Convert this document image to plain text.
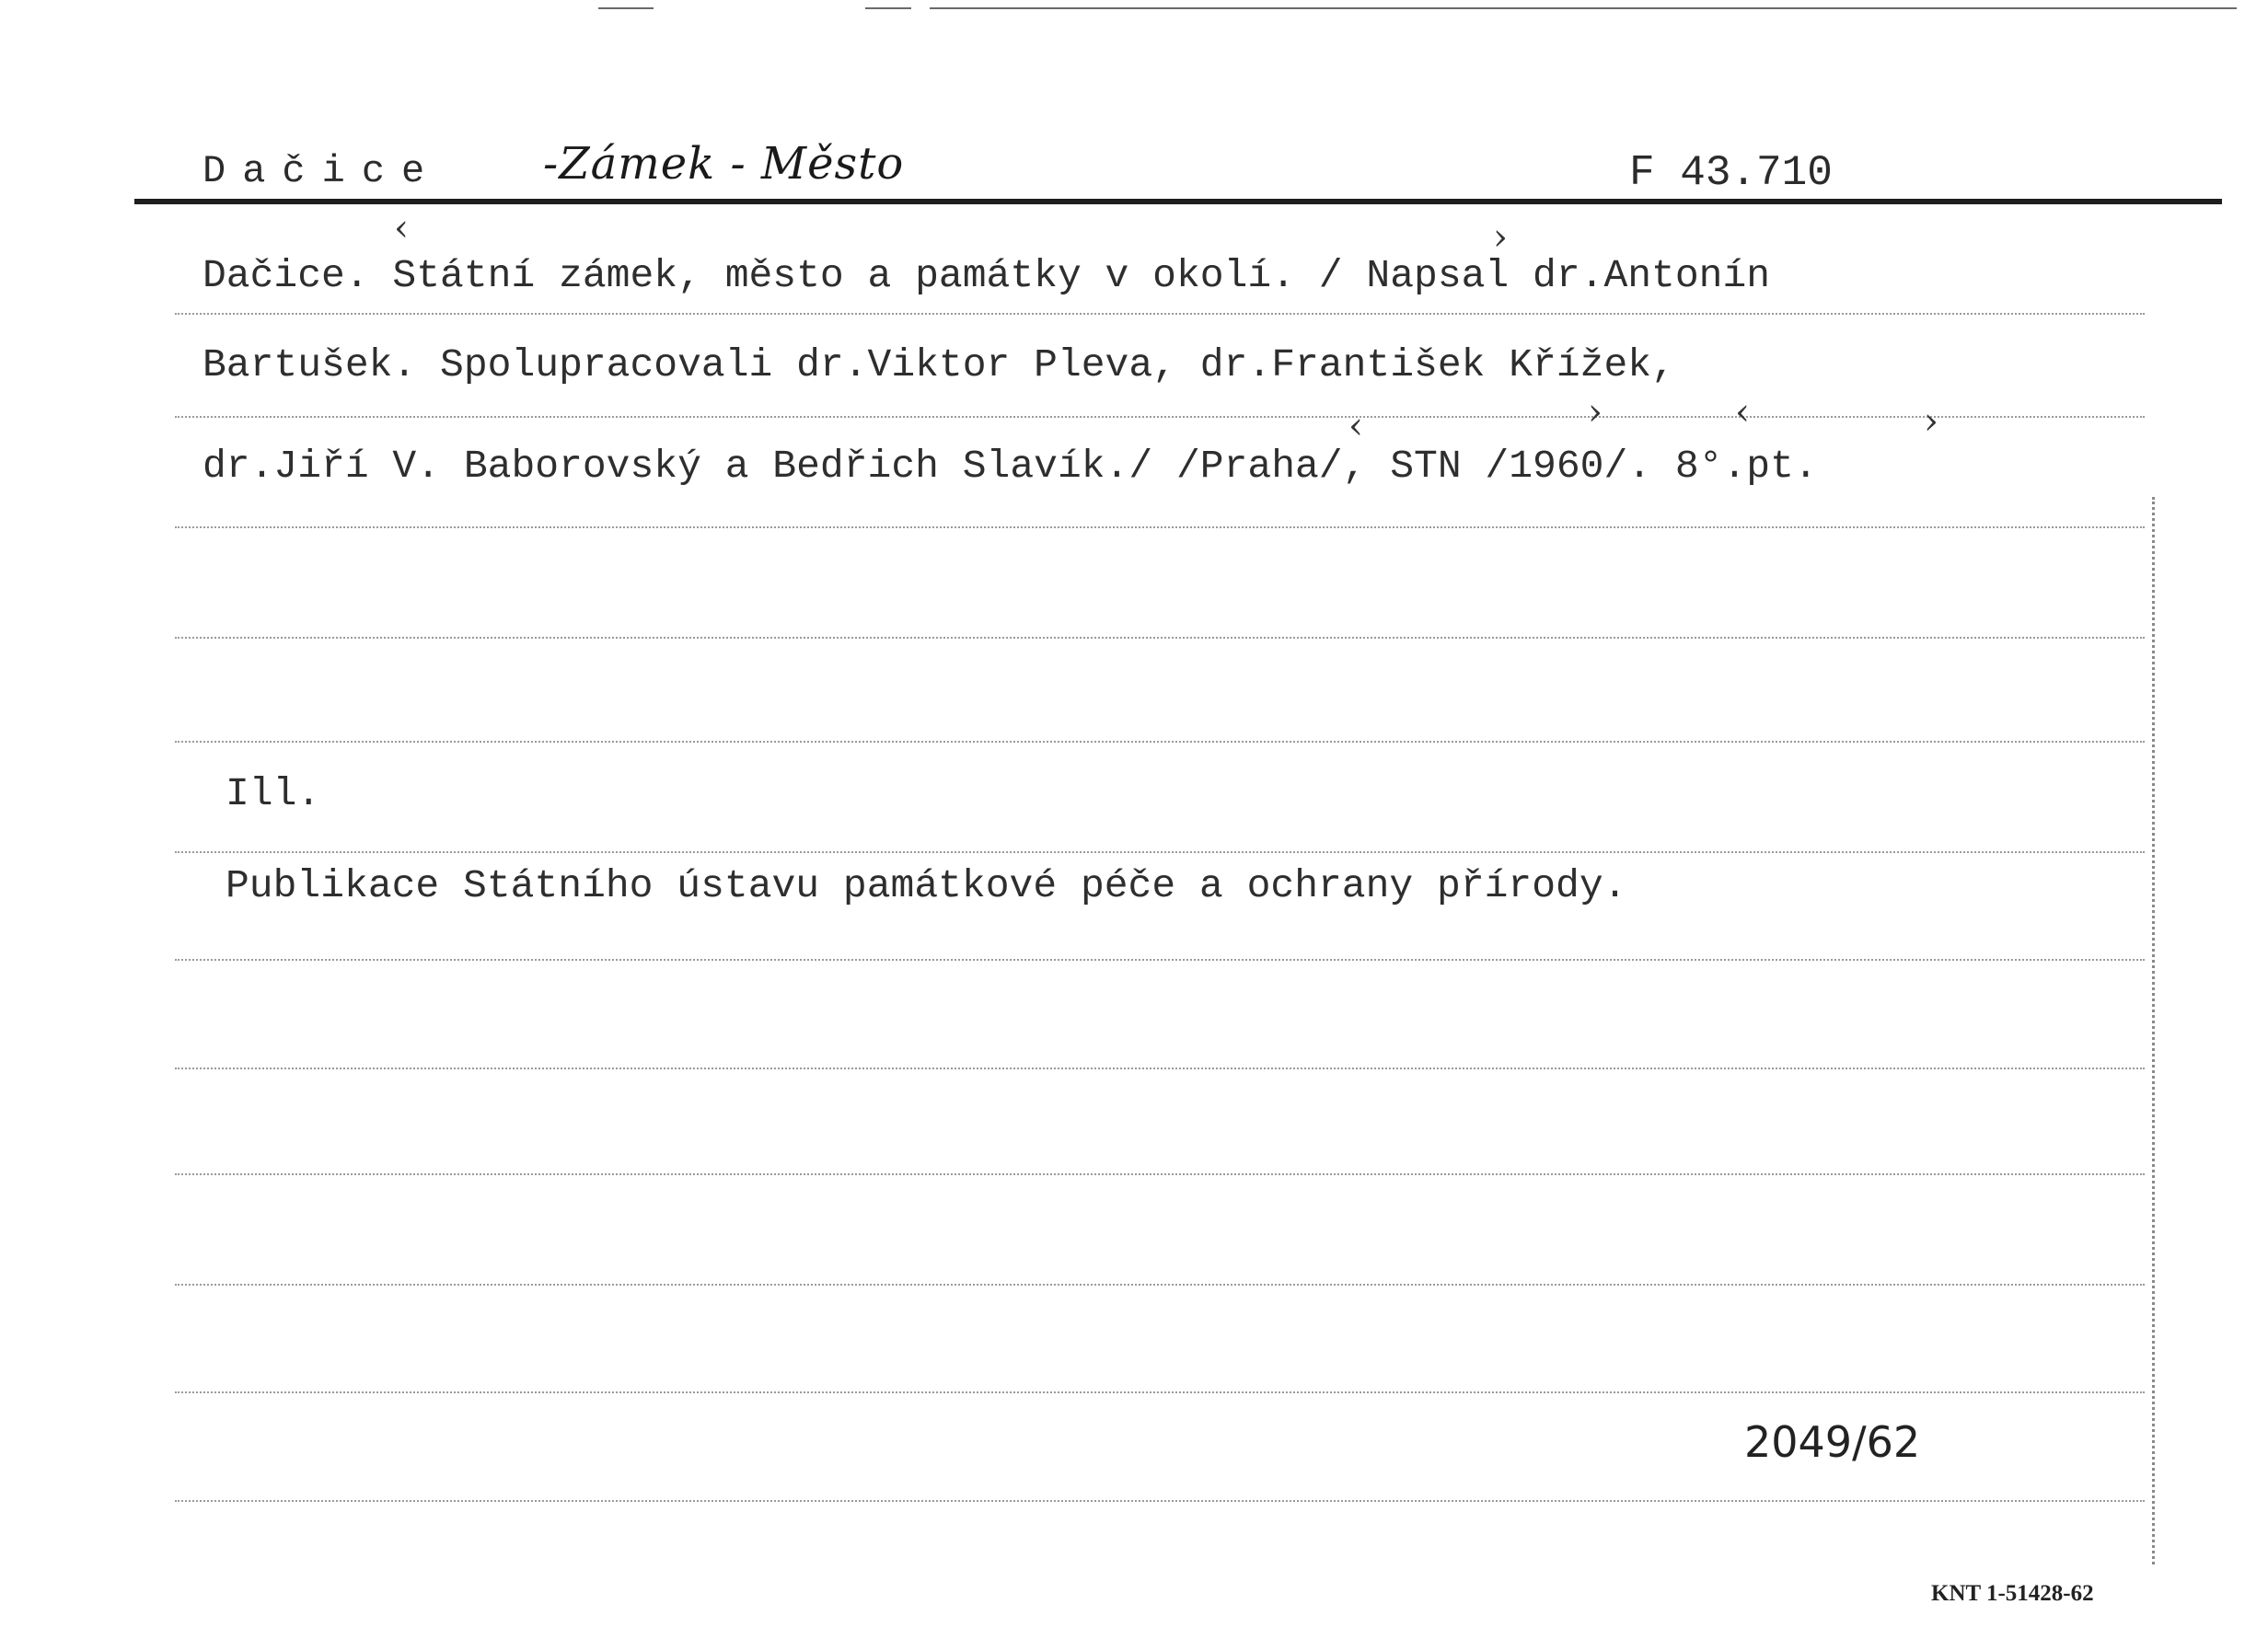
Dačice -Zámek - Město	F 43.710
Dačice. Státní zámek, město a památky v okolí. / Napsal dr.Antonín
Bartušek. Spolupracovali dr.Viktor Pleva, dr.František Křížek,
dr.Jiří V. Baborovský a Bedřich Slavík./ /Praha/, STN /1960/. 8°.pt.
Ill.
Publikace Státního ústavu památkové péče a ochrany přírody.
‹	›
‹	›	‹	›
2049/62
KNT 1-51428-62
